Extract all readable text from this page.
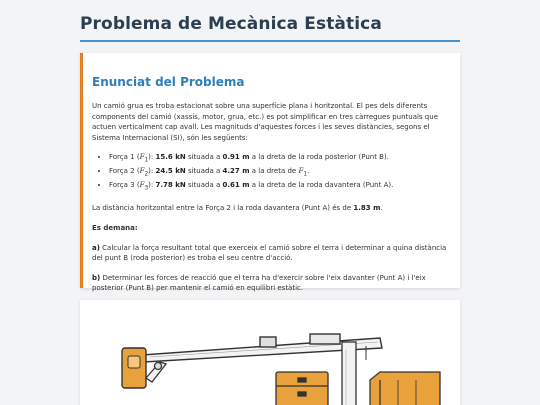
Problema de Mecànica Estàtica
Enunciat del Problema

Un camió grua es troba estacionat sobre una superfície plana i horitzontal. El pes dels diferents components del camió (xassís, motor, grua, etc.) es pot simplificar en tres càrregues puntuals que actuen verticalment cap avall. Les magnituds d'aquestes forces i les seves distàncies, segons el Sistema Internacional (SI), són les següents:

• Força 1 $(F_1)$: 15.6 kN situada a 0.91 m a la dreta de la roda posterior (Punt B).
• Força 2 $(F_2)$: 24.5 kN situada a 4.27 m a la dreta de $F_1$.
• Força 3 $(F_3)$: 7.78 kN situada a 0.61 m a la dreta de la roda davantera (Punt A).

La distància horitzontal entre la Força 2 i la roda davantera (Punt A) és de 1.83 m.

Es demana:

a) Calcular la força resultant total que exerceix el camió sobre el terra i determinar a quina distància del punt B (roda posterior) es troba el seu centre d'acció.

b) Determinar les forces de reacció que el terra ha d'exercir sobre l'eix davanter (Punt A) i l'eix posterior (Punt B) per mantenir el camió en equilibri estàtic.
